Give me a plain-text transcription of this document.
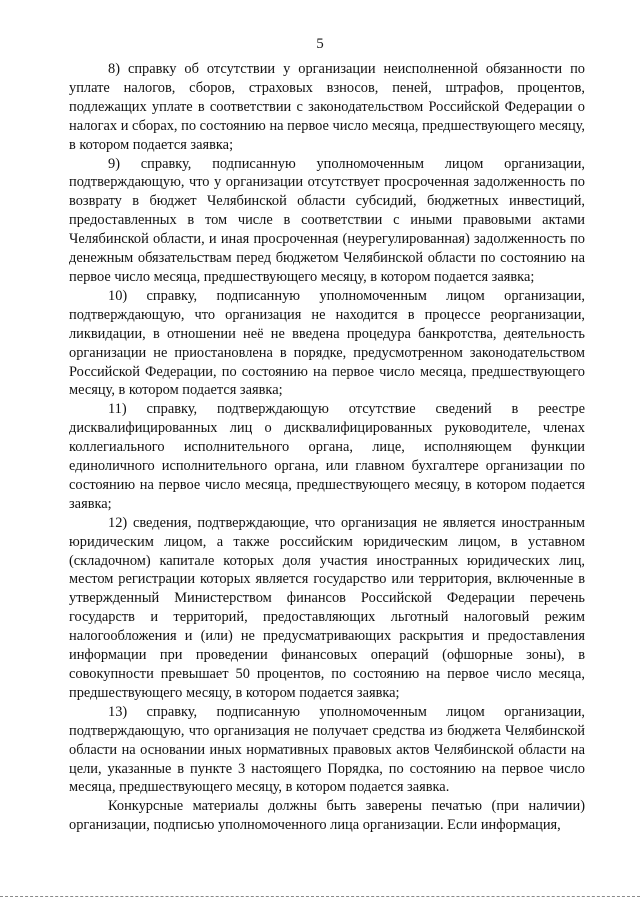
5

8) справку об отсутствии у организации неисполненной обязанности по уплате налогов, сборов, страховых взносов, пеней, штрафов, процентов, подлежащих уплате в соответствии с законодательством Российской Федерации о налогах и сборах, по состоянию на первое число месяца, предшествующего месяцу, в котором подается заявка;

9) справку, подписанную уполномоченным лицом организации, подтверждающую, что у организации отсутствует просроченная задолженность по возврату в бюджет Челябинской области субсидий, бюджетных инвестиций, предоставленных в том числе в соответствии с иными правовыми актами Челябинской области, и иная просроченная (неурегулированная) задолженность по денежным обязательствам перед бюджетом Челябинской области по состоянию на первое число месяца, предшествующего месяцу, в котором подается заявка;

10) справку, подписанную уполномоченным лицом организации, подтверждающую, что организация не находится в процессе реорганизации, ликвидации, в отношении неё не введена процедура банкротства, деятельность организации не приостановлена в порядке, предусмотренном законодательством Российской Федерации, по состоянию на первое число месяца, предшествующего месяцу, в котором подается заявка;

11) справку, подтверждающую отсутствие сведений в реестре дисквалифицированных лиц о дисквалифицированных руководителе, членах коллегиального исполнительного органа, лице, исполняющем функции единоличного исполнительного органа, или главном бухгалтере организации по состоянию на первое число месяца, предшествующего месяцу, в котором подается заявка;

12) сведения, подтверждающие, что организация не является иностранным юридическим лицом, а также российским юридическим лицом, в уставном (складочном) капитале которых доля участия иностранных юридических лиц, местом регистрации которых является государство или территория, включенные в утвержденный Министерством финансов Российской Федерации перечень государств и территорий, предоставляющих льготный налоговый режим налогообложения и (или) не предусматривающих раскрытия и предоставления информации при проведении финансовых операций (офшорные зоны), в совокупности превышает 50 процентов, по состоянию на первое число месяца, предшествующего месяцу, в котором подается заявка;

13) справку, подписанную уполномоченным лицом организации, подтверждающую, что организация не получает средства из бюджета Челябинской области на основании иных нормативных правовых актов Челябинской области на цели, указанные в пункте 3 настоящего Порядка, по состоянию на первое число месяца, предшествующего месяцу, в котором подается заявка.

Конкурсные материалы должны быть заверены печатью (при наличии) организации, подписью уполномоченного лица организации. Если информация,
